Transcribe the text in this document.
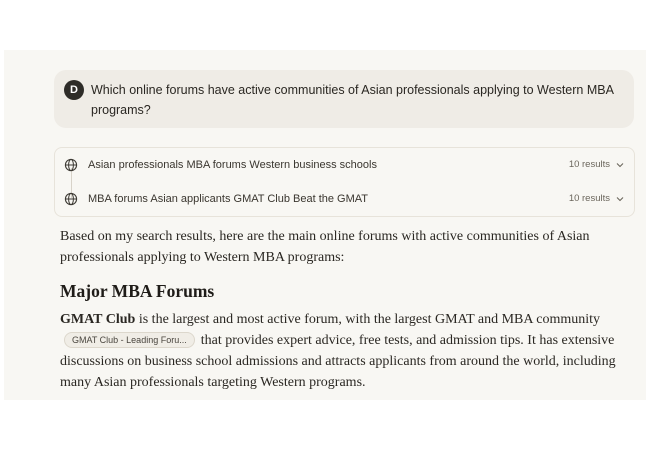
D	Which online forums have active communities of Asian professionals applying to Western MBA programs?
Asian professionals MBA forums Western business schools	10 results
MBA forums Asian applicants GMAT Club Beat the GMAT	10 results

Based on my search results, here are the main online forums with active communities of Asian professionals applying to Western MBA programs:

Major MBA Forums

GMAT Club is the largest and most active forum, with the largest GMAT and MBA communityGMAT Club - Leading Foru... that provides expert advice, free tests, and admission tips. It has extensive discussions on business school admissions and attracts applicants from around the world, including many Asian professionals targeting Western programs.
